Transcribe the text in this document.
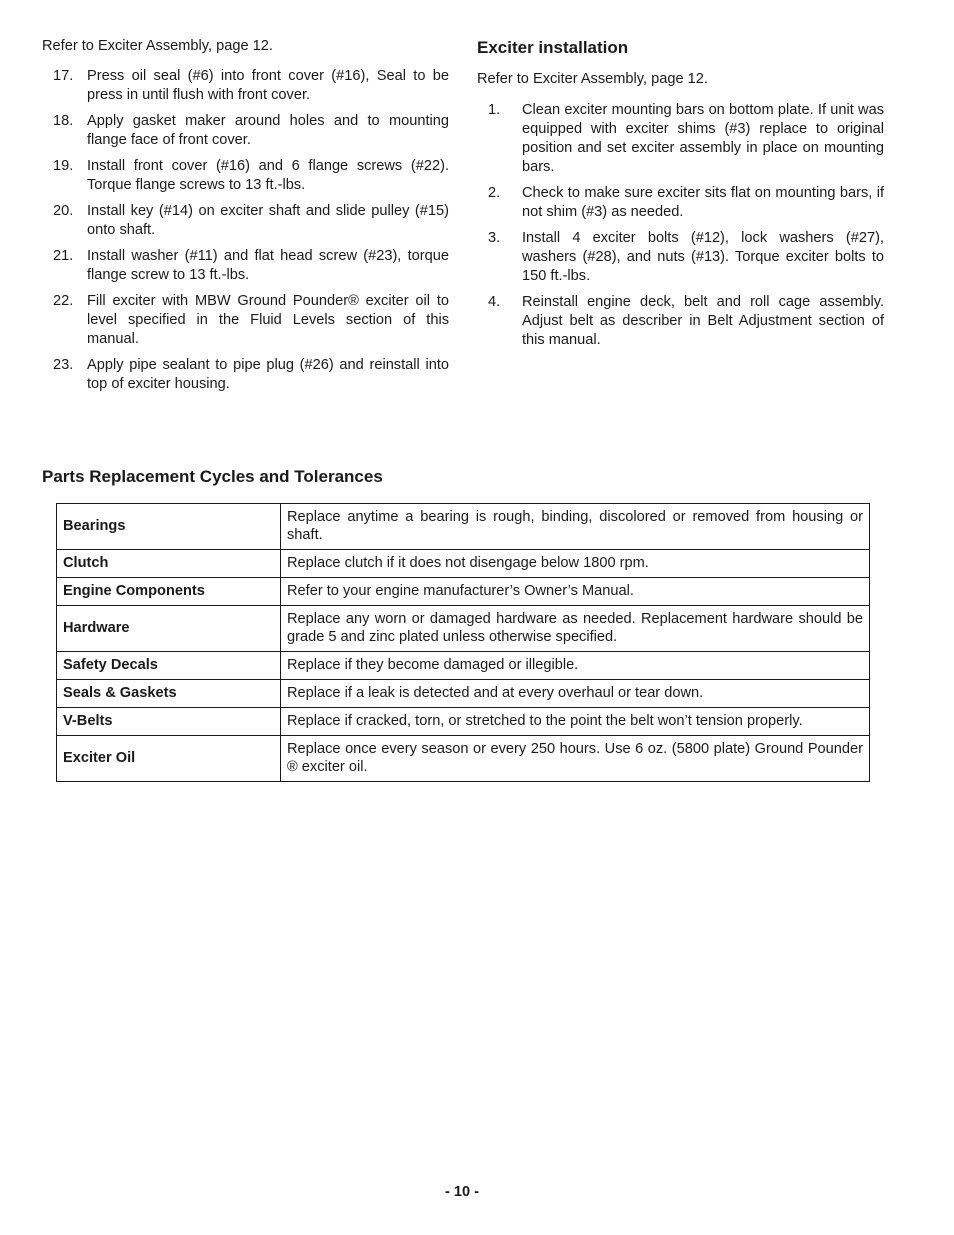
Refer to Exciter Assembly, page 12.

17. Press oil seal (#6) into front cover (#16), Seal to be press in until flush with front cover.
18. Apply gasket maker around holes and to mounting flange face of front cover.
19. Install front cover (#16) and 6 flange screws (#22). Torque flange screws to 13 ft.-lbs.
20. Install key (#14) on exciter shaft and slide pulley (#15) onto shaft.
21. Install washer (#11) and flat head screw (#23), torque flange screw to 13 ft.-lbs.
22. Fill exciter with MBW Ground Pounder® exciter oil to level specified in the Fluid Levels section of this manual.
23. Apply pipe sealant to pipe plug (#26) and reinstall into top of exciter housing.
Exciter installation

Refer to Exciter Assembly, page 12.

1. Clean exciter mounting bars on bottom plate. If unit was equipped with exciter shims (#3) replace to original position and set exciter assembly in place on mounting bars.
2. Check to make sure exciter sits flat on mounting bars, if not shim (#3) as needed.
3. Install 4 exciter bolts (#12), lock washers (#27), washers (#28), and nuts (#13). Torque exciter bolts to 150 ft.-lbs.
4. Reinstall engine deck, belt and roll cage assembly. Adjust belt as describer in Belt Adjustment section of this manual.
Parts Replacement Cycles and Tolerances
Bearings	Replace anytime a bearing is rough, binding, discolored or removed from housing or shaft.
Clutch	Replace clutch if it does not disengage below 1800 rpm.
Engine Components	Refer to your engine manufacturer’s Owner’s Manual.
Hardware	Replace any worn or damaged hardware as needed. Replacement hardware should be grade 5 and zinc plated unless otherwise specified.
Safety Decals	Replace if they become damaged or illegible.
Seals & Gaskets	Replace if a leak is detected and at every overhaul or tear down.
V-Belts	Replace if cracked, torn, or stretched to the point the belt won’t tension properly.
Exciter Oil	Replace once every season or every 250 hours. Use 6 oz. (5800 plate) Ground Pounder ® exciter oil.
- 10 -
